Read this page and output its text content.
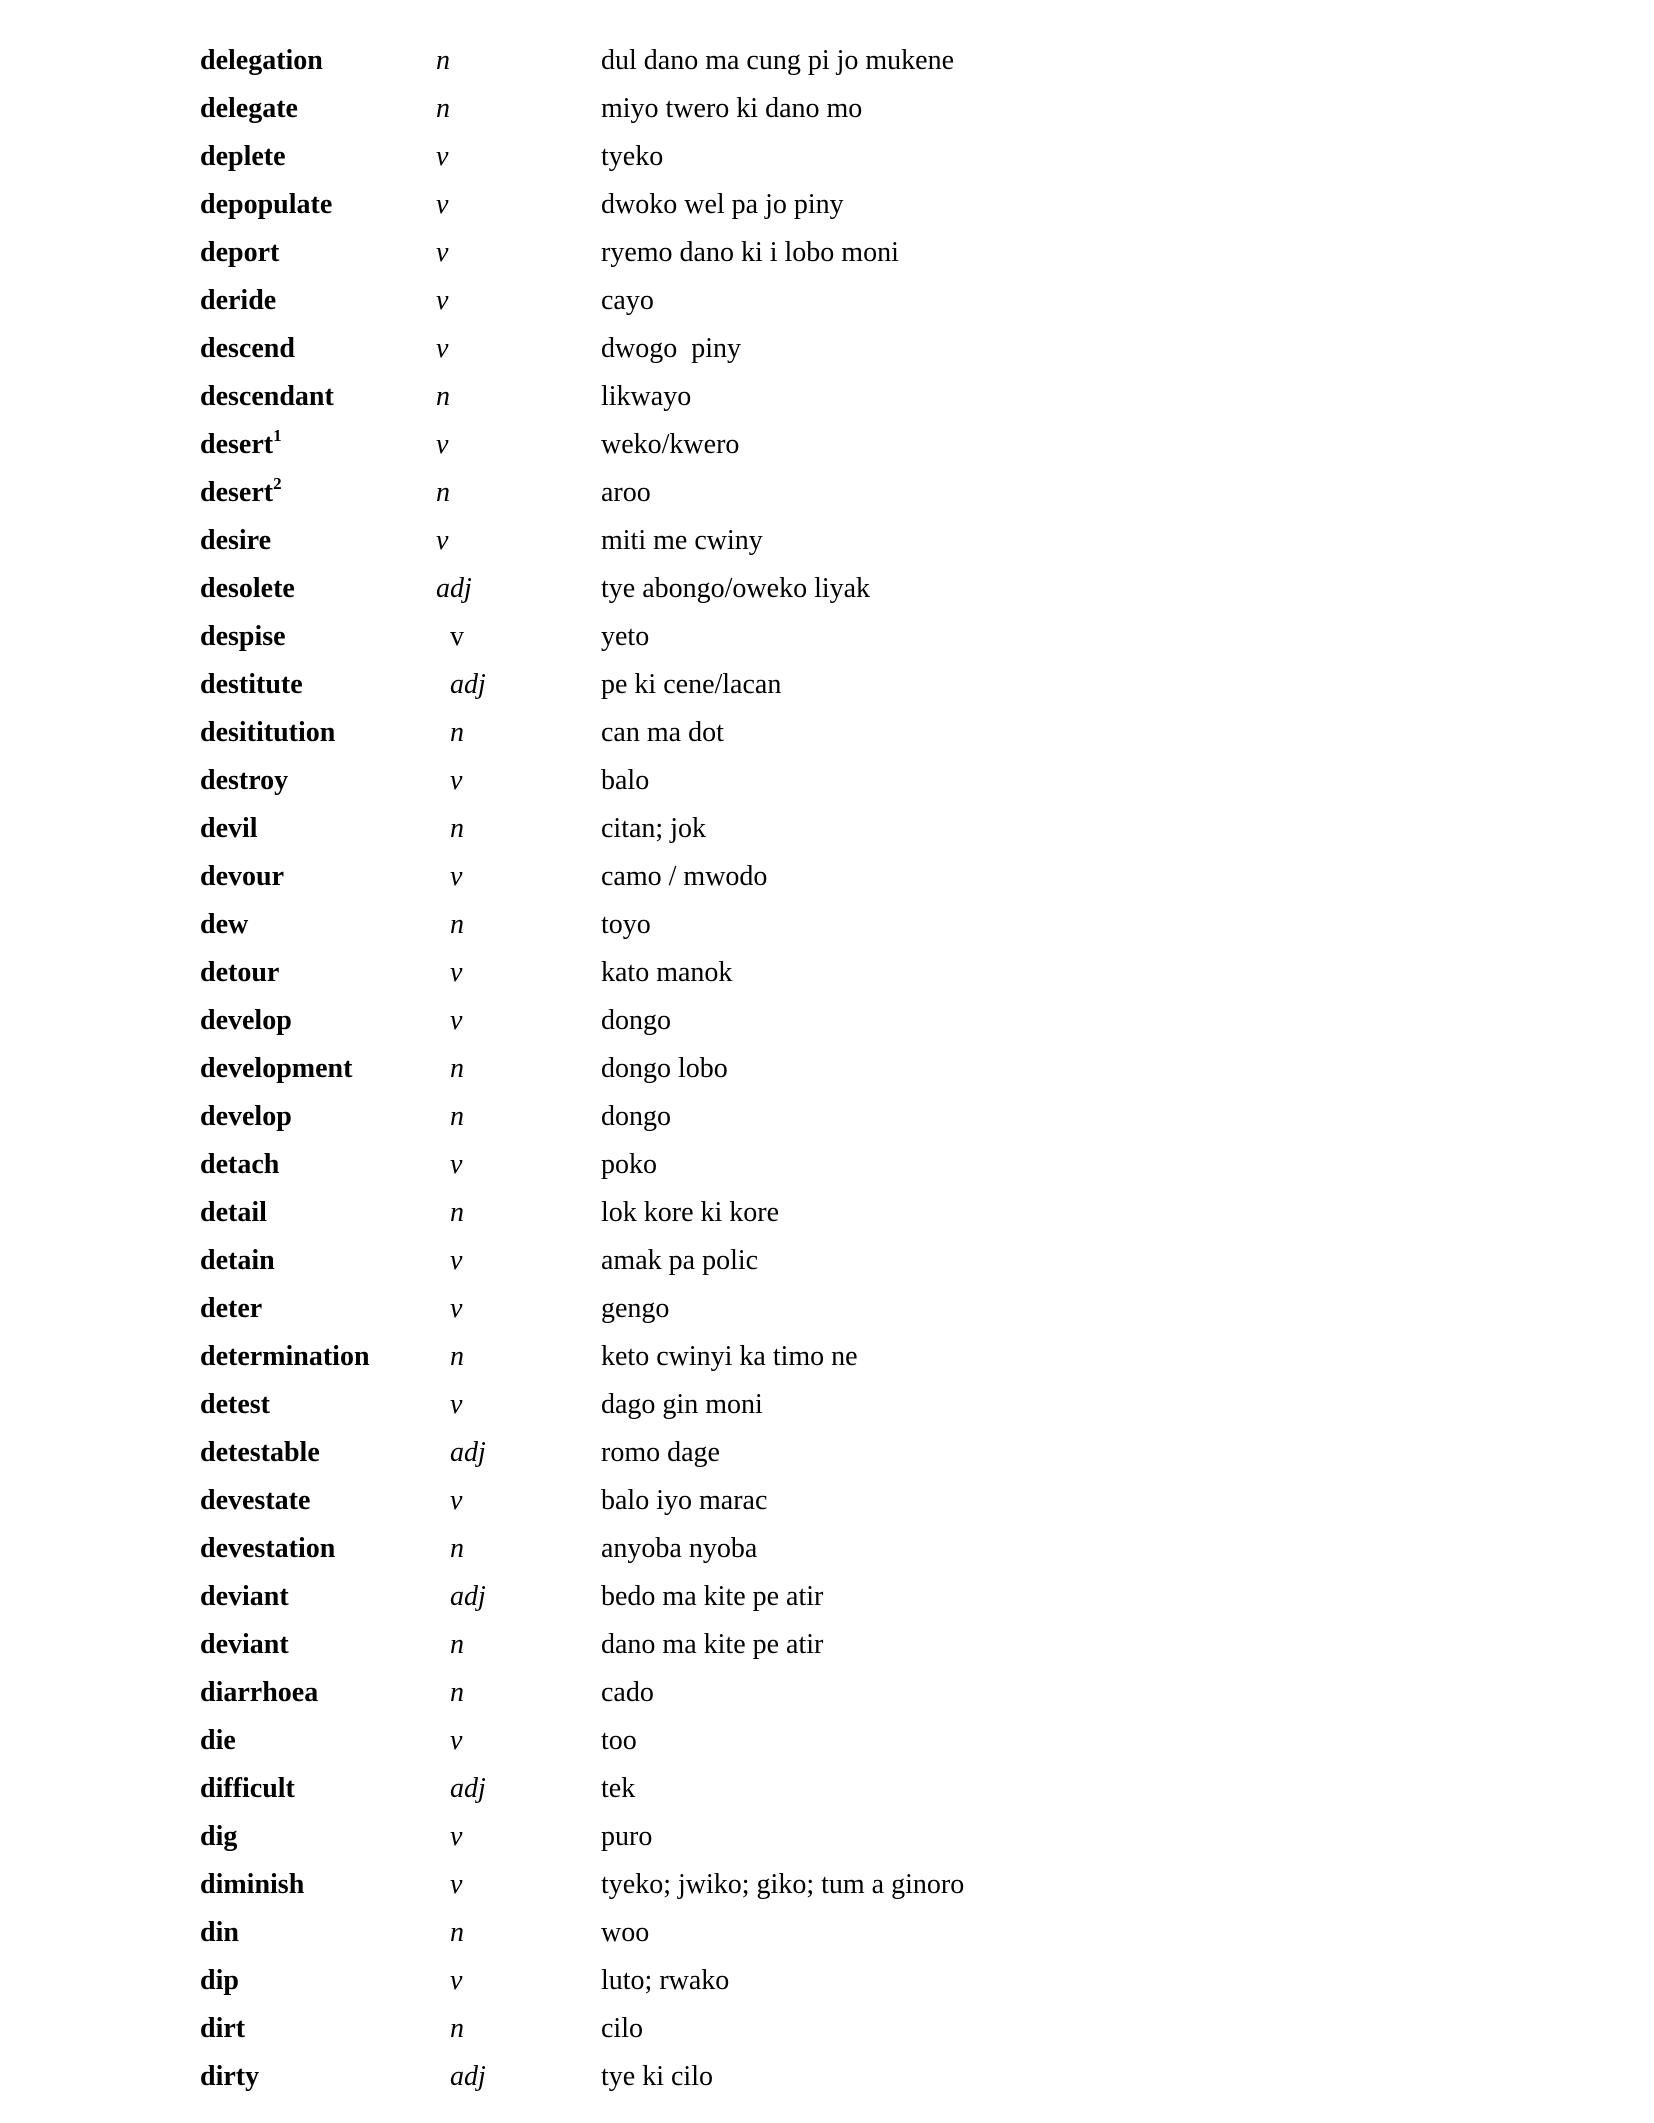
delegation	n	dul dano ma cung pi jo mukene
delegate	n	miyo twero ki dano mo
deplete	v	tyeko
depopulate	v	dwoko wel pa jo piny
deport	v	ryemo dano ki i lobo moni
deride	v	cayo
descend	v	dwogo  piny
descendant	n	likwayo
desert$^1$	v	weko/kwero
desert$^2$	n	aroo
desire	v	miti me cwiny
desolete	adj	tye abongo/oweko liyak
despise	v	yeto
destitute	adj	pe ki cene/lacan
desititution	n	can ma dot
destroy	v	balo
devil	n	citan; jok
devour	v	camo / mwodo
dew	n	toyo
detour	v	kato manok
develop	v	dongo
development	n	dongo lobo
develop	n	dongo
detach	v	poko
detail	n	lok kore ki kore
detain	v	amak pa polic
deter	v	gengo
determination	n	keto cwinyi ka timo ne
detest	v	dago gin moni
detestable	adj	romo dage
devestate	v	balo iyo marac
devestation	n	anyoba nyoba
deviant	adj	bedo ma kite pe atir
deviant	n	dano ma kite pe atir
diarrhoea	n	cado
die	v	too
difficult	adj	tek
dig	v	puro
diminish	v	tyeko; jwiko; giko; tum a ginoro
din	n	woo
dip	v	luto; rwako
dirt	n	cilo
dirty	adj	tye ki cilo
